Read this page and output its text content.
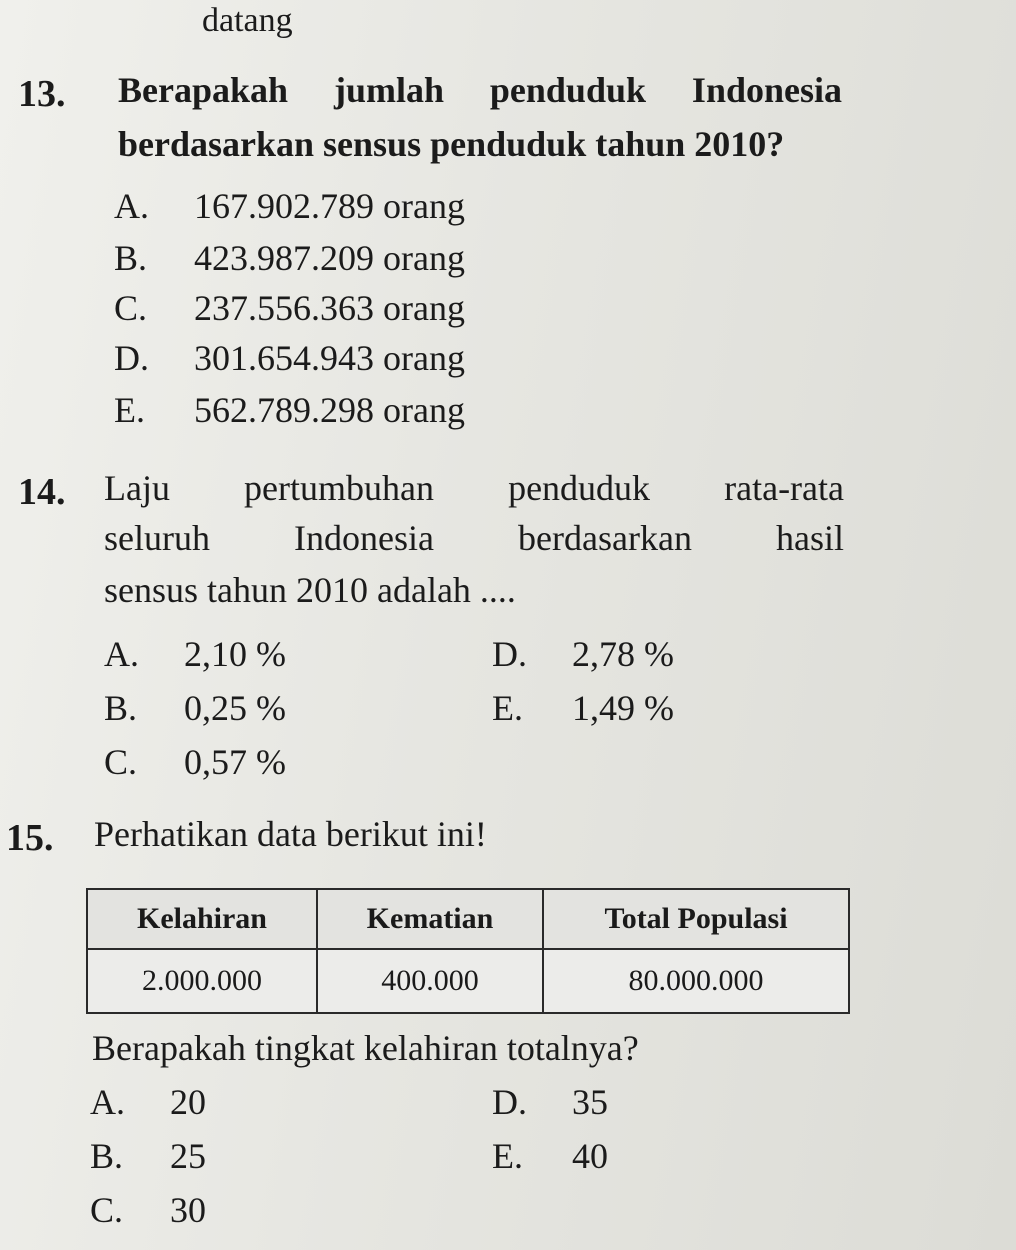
datang
13. Berapakah jumlah penduduk Indonesia
berdasarkan sensus penduduk tahun 2010?
A. 167.902.789 orang
B. 423.987.209 orang
C. 237.556.363 orang
D. 301.654.943 orang
E. 562.789.298 orang
14. Laju pertumbuhan penduduk rata-rata
seluruh Indonesia berdasarkan hasil
sensus tahun 2010 adalah ....
A. 2,10 %
B. 0,25 %
C. 0,57 %
D. 2,78 %
E. 1,49 %
15. Perhatikan data berikut ini!
Kelahiran	Kematian	Total Populasi
2.000.000	400.000	80.000.000
Berapakah tingkat kelahiran totalnya?
A. 20
B. 25
C. 30
D. 35
E. 40
